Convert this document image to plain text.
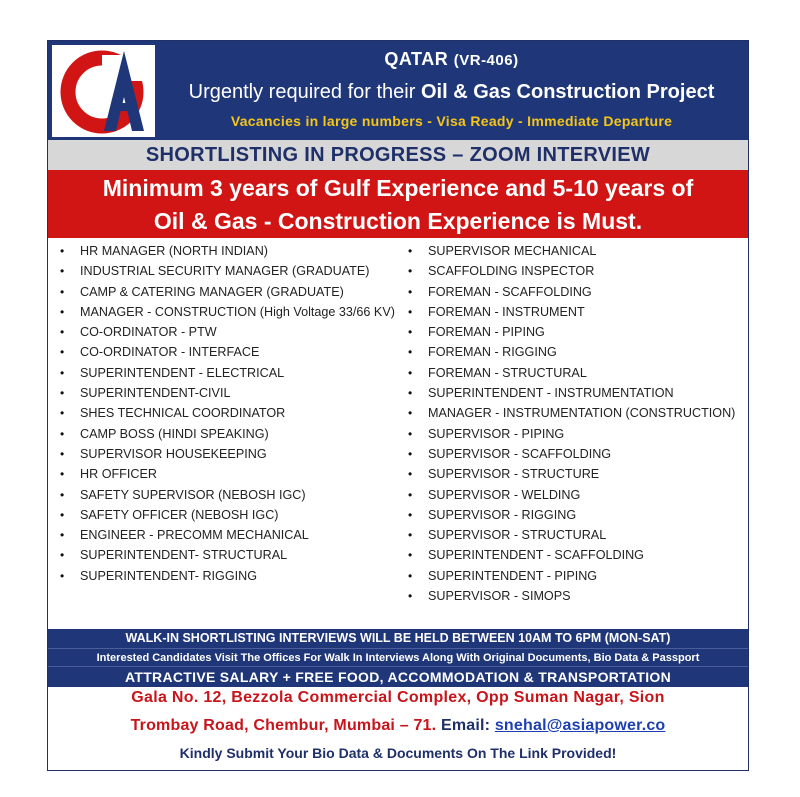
QATAR (VR-406)
Urgently required for their Oil & Gas Construction Project
Vacancies in large numbers - Visa Ready - Immediate Departure
SHORTLISTING IN PROGRESS – ZOOM INTERVIEW
Minimum 3 years of Gulf Experience and 5-10 years of
Oil & Gas - Construction Experience is Must.
• HR MANAGER (NORTH INDIAN)
• INDUSTRIAL SECURITY MANAGER (GRADUATE)
• CAMP & CATERING MANAGER (GRADUATE)
• MANAGER - CONSTRUCTION (High Voltage 33/66 KV)
• CO-ORDINATOR - PTW
• CO-ORDINATOR - INTERFACE
• SUPERINTENDENT - ELECTRICAL
• SUPERINTENDENT-CIVIL
• SHES TECHNICAL COORDINATOR
• CAMP BOSS (HINDI SPEAKING)
• SUPERVISOR HOUSEKEEPING
• HR OFFICER
• SAFETY SUPERVISOR (NEBOSH IGC)
• SAFETY OFFICER (NEBOSH IGC)
• ENGINEER - PRECOMM MECHANICAL
• SUPERINTENDENT- STRUCTURAL
• SUPERINTENDENT- RIGGING
• SUPERVISOR MECHANICAL
• SCAFFOLDING INSPECTOR
• FOREMAN - SCAFFOLDING
• FOREMAN - INSTRUMENT
• FOREMAN - PIPING
• FOREMAN - RIGGING
• FOREMAN - STRUCTURAL
• SUPERINTENDENT - INSTRUMENTATION
• MANAGER - INSTRUMENTATION (CONSTRUCTION)
• SUPERVISOR - PIPING
• SUPERVISOR - SCAFFOLDING
• SUPERVISOR - STRUCTURE
• SUPERVISOR - WELDING
• SUPERVISOR - RIGGING
• SUPERVISOR - STRUCTURAL
• SUPERINTENDENT - SCAFFOLDING
• SUPERINTENDENT - PIPING
• SUPERVISOR - SIMOPS
WALK-IN SHORTLISTING INTERVIEWS WILL BE HELD BETWEEN 10AM TO 6PM (MON-SAT)
Interested Candidates Visit The Offices For Walk In Interviews Along With Original Documents, Bio Data & Passport
ATTRACTIVE SALARY + FREE FOOD, ACCOMMODATION & TRANSPORTATION
Gala No. 12, Bezzola Commercial Complex, Opp Suman Nagar, Sion
Trombay Road, Chembur, Mumbai – 71. Email: snehal@asiapower.co
Kindly Submit Your Bio Data & Documents On The Link Provided!
